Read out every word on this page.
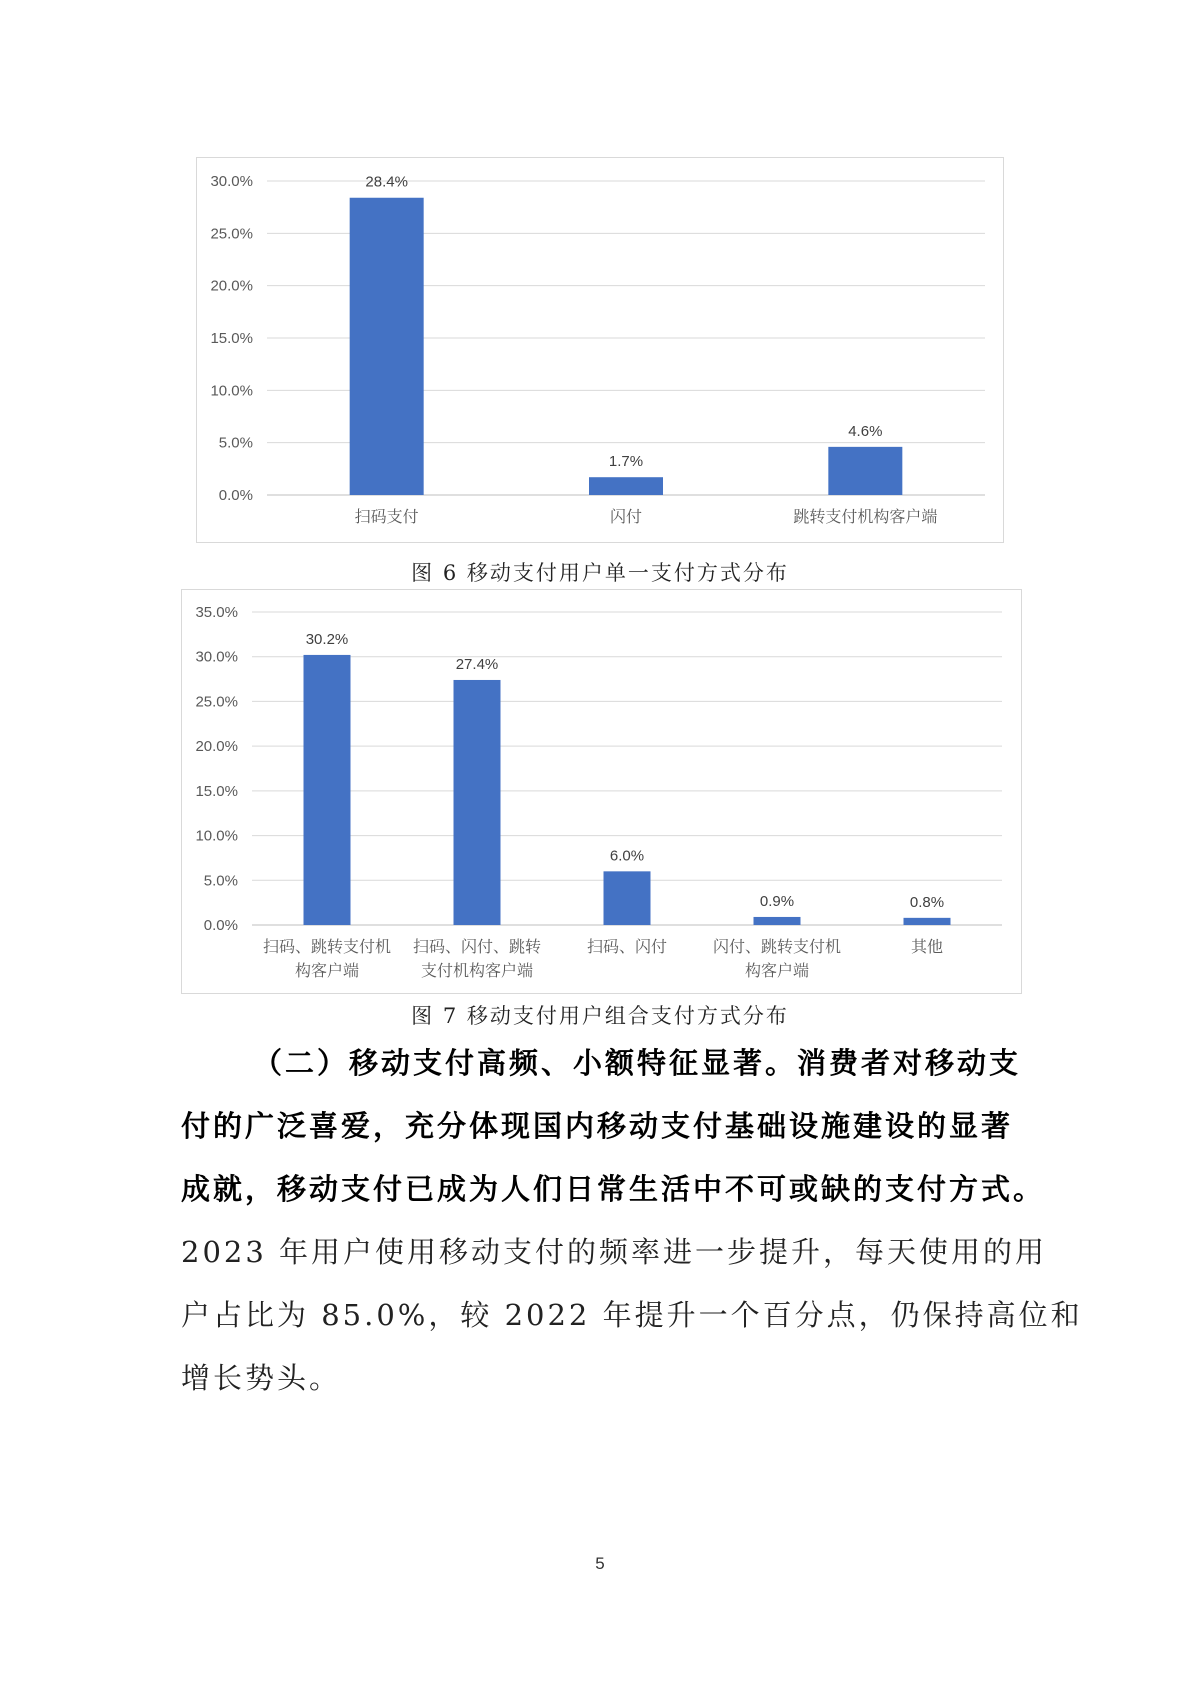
0.0%
5.0%
10.0%
15.0%
20.0%
25.0%
30.0%	28.4%
扫码支付
1.7%
闪付
4.6%
跳转支付机构客户端
图 6 移动支付用户单一支付方式分布
0.0%
5.0%
10.0%
15.0%
20.0%
25.0%
30.0%
35.0%
30.2%
扫码、跳转支付机
构客户端
27.4%
扫码、闪付、跳转
支付机构客户端
6.0%
扫码、闪付
0.9%
闪付、跳转支付机
构客户端
0.8%
其他
图 7 移动支付用户组合支付方式分布
（二）移动支付高频、小额特征显著。消费者对移动支
付的广泛喜爱，充分体现国内移动支付基础设施建设的显著
成就，移动支付已成为人们日常生活中不可或缺的支付方式。
2023 年用户使用移动支付的频率进一步提升，每天使用的用
户占比为 85.0%，较 2022 年提升一个百分点，仍保持高位和
增长势头。
5
